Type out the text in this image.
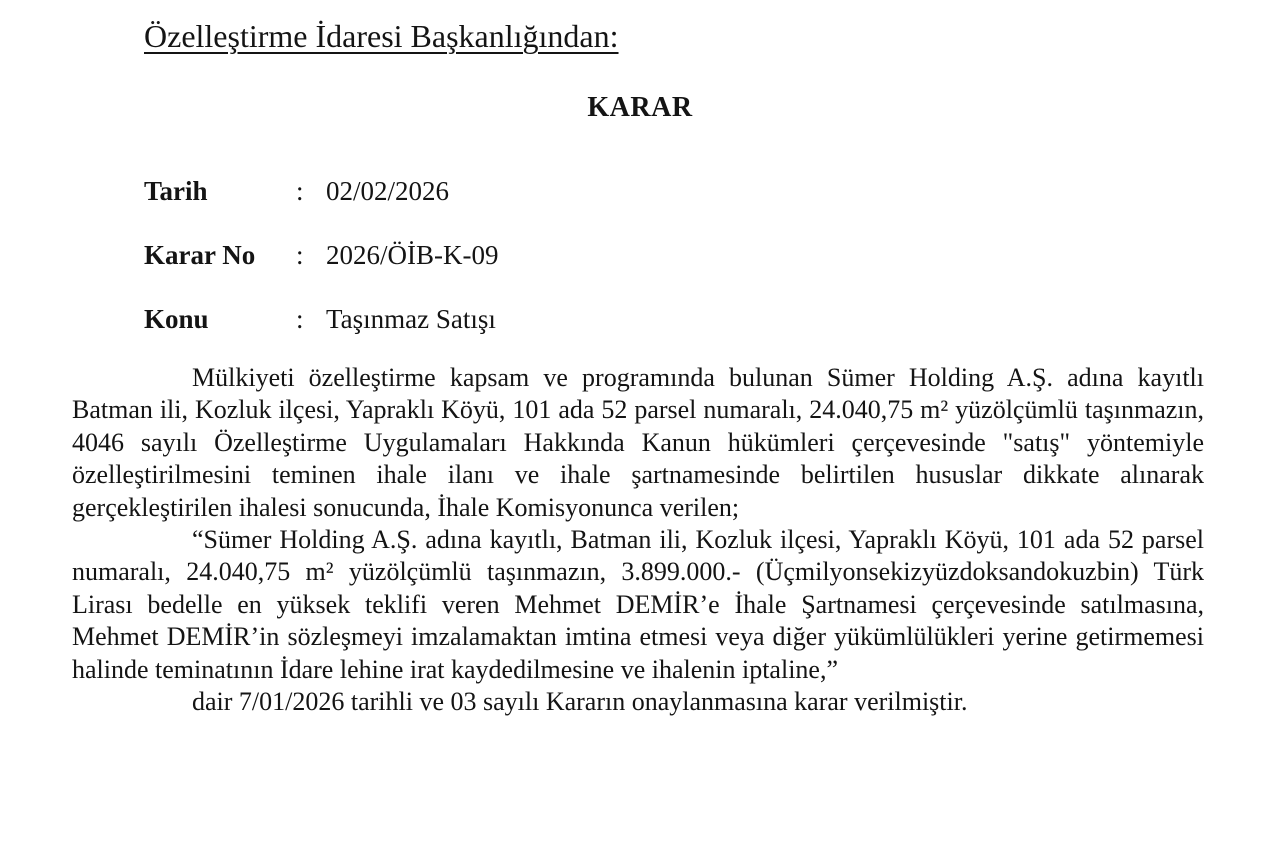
Özelleştirme İdaresi Başkanlığından:
KARAR
Tarih	: 02/02/2026
Karar No : 2026/ÖİB-K-09
Konu	: Taşınmaz Satışı

Mülkiyeti özelleştirme kapsam ve programında bulunan Sümer Holding A.Ş. adına kayıtlı Batman ili, Kozluk ilçesi, Yapraklı Köyü, 101 ada 52 parsel numaralı, 24.040,75 m² yüzölçümlü taşınmazın, 4046 sayılı Özelleştirme Uygulamaları Hakkında Kanun hükümleri çerçevesinde "satış" yöntemiyle özelleştirilmesini teminen ihale ilanı ve ihale şartnamesinde belirtilen hususlar dikkate alınarak gerçekleştirilen ihalesi sonucunda, İhale Komisyonunca verilen;

“Sümer Holding A.Ş. adına kayıtlı, Batman ili, Kozluk ilçesi, Yapraklı Köyü, 101 ada 52 parsel numaralı, 24.040,75 m² yüzölçümlü taşınmazın, 3.899.000.- (Üçmilyonsekizyüzdoksandokuzbin) Türk Lirası bedelle en yüksek teklifi veren Mehmet DEMİR’e İhale Şartnamesi çerçevesinde satılmasına, Mehmet DEMİR’in sözleşmeyi imzalamaktan imtina etmesi veya diğer yükümlülükleri yerine getirmemesi halinde teminatının İdare lehine irat kaydedilmesine ve ihalenin iptaline,”

dair 7/01/2026 tarihli ve 03 sayılı Kararın onaylanmasına karar verilmiştir.
